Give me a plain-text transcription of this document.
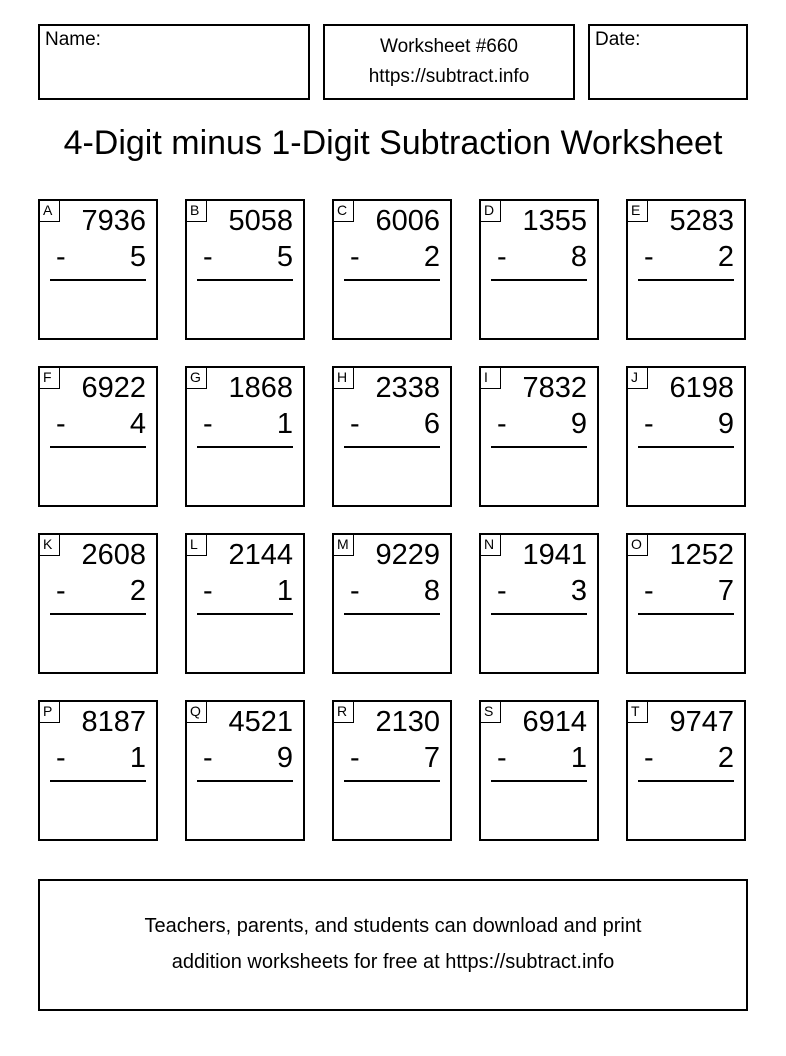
Name:	Worksheet #660
https://subtract.info
Date:
4-Digit minus 1-Digit Subtraction Worksheet
A 7936
- 5
B 5058
- 5
C 6006
- 2
D 1355
- 8
E 5283
- 2
F 6922
- 4
G 1868
- 1
H 2338
- 6
I	7832
- 9
J	6198
- 9
K 2608
- 2
L	2144
- 1
M 9229
- 8
N 1941
- 3
O 1252
- 7
P 8187
- 1
Q 4521
- 9
R 2130
- 7
S 6914
- 1
T 9747
- 2
Teachers, parents, and students can download and print
addition worksheets for free at https://subtract.info
